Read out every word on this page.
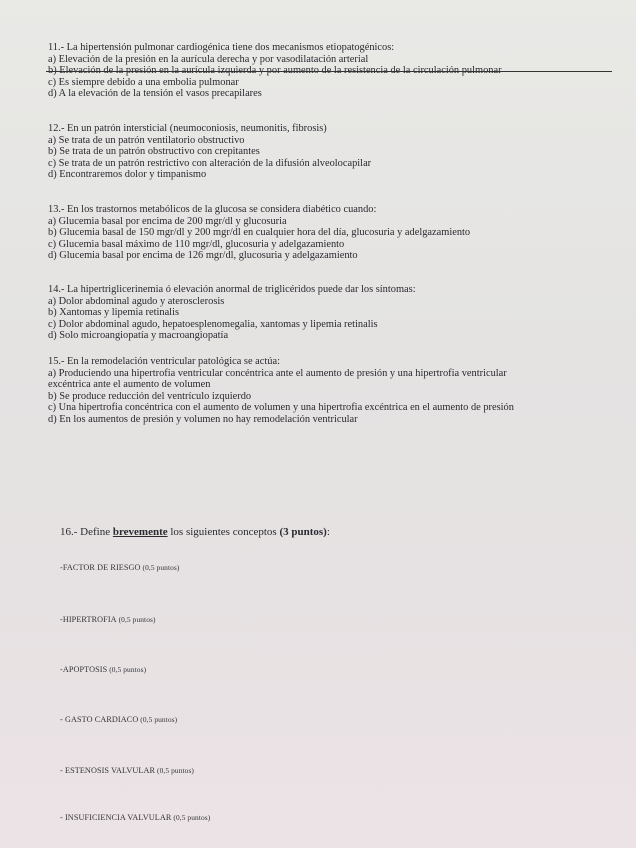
11.- La hipertensión pulmonar cardiogénica tiene dos mecanismos etiopatogénicos:

a) Elevación de la presión en la aurícula derecha y por vasodilatación arterial

c) Es siempre debido a una embolia pulmonar

d) A la elevación de la tensión el vasos precapilares

12.- En un patrón intersticial (neumoconiosis, neumonitis, fibrosis)

a) Se trata de un patrón ventilatorio obstructivo

b) Se trata de un patrón obstructivo con crepitantes

c) Se trata de un patrón restrictivo con alteración de la difusión alveolocapilar

d) Encontraremos dolor y timpanismo

13.- En los trastornos metabólicos de la glucosa se considera diabético cuando:

a) Glucemia basal por encima de 200 mgr/dl y glucosuria

b) Glucemia basal de 150 mgr/dl y 200 mgr/dl en cualquier hora del día, glucosuria y adelgazamiento

c) Glucemia basal máximo de 110 mgr/dl, glucosuria y adelgazamiento

d) Glucemia basal por encima de 126 mgr/dl, glucosuria y adelgazamiento

14.- La hipertriglicerinemia ó elevación anormal de triglicéridos puede dar los síntomas:

a) Dolor abdominal agudo y aterosclerosis

b) Xantomas y lipemia retinalis

c) Dolor abdominal agudo, hepatoesplenomegalia, xantomas y lipemia retinalis

d) Solo microangiopatía y macroangiopatía

15.- En la remodelación ventricular patológica se actúa:

a) Produciendo una hipertrofia ventricular concéntrica ante el aumento de presión y una hipertrofia ventricular

excéntrica ante el aumento de volumen

b) Se produce reducción del ventrículo izquierdo

c) Una hipertrofia concéntrica con el aumento de volumen y una hipertrofia excéntrica en el aumento de presión

d) En los aumentos de presión y volumen no hay remodelación ventricular

16.- Define brevemente los siguientes conceptos (3 puntos):
-FACTOR DE RIESGO (0,5 puntos)
-HIPERTROFIA (0,5 puntos)
-APOPTOSIS (0,5 puntos)
- GASTO CARDIACO (0,5 puntos)
- ESTENOSIS VALVULAR (0,5 puntos)
- INSUFICIENCIA VALVULAR (0,5 puntos)
